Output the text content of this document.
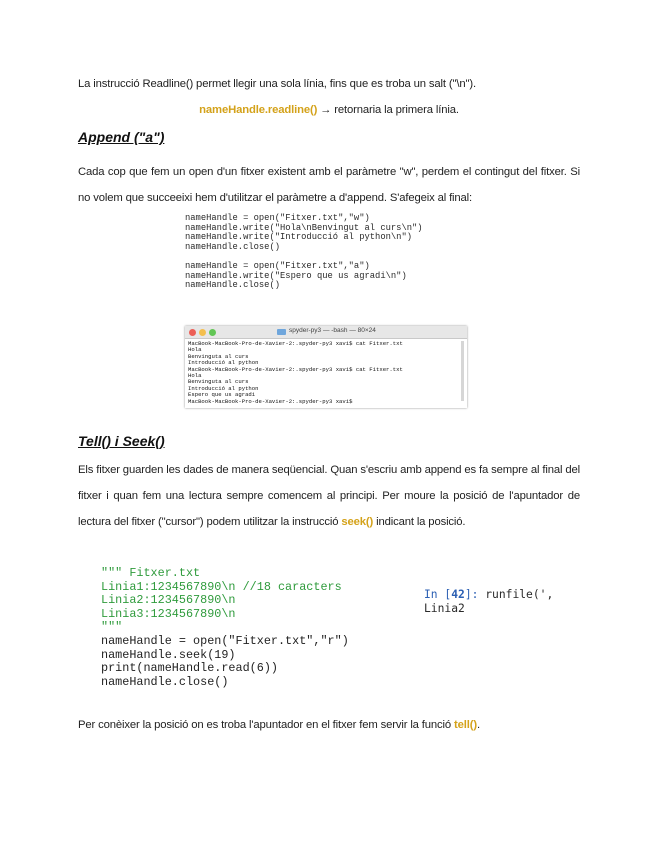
La instrucció Readline() permet llegir una sola línia, fins que es troba un salt ("\n").

nameHandle.readline() → retornaria la primera línia.

Append ("a")

Cada cop que fem un open d'un fitxer existent amb el paràmetre "w", perdem el contingut del fitxer. Si no volem que succeeixi hem d'utilitzar el paràmetre a d'append. S'afegeix al final:

nameHandle = open("Fitxer.txt","w")
nameHandle.write("Hola\nBenvingut al curs\n")
nameHandle.write("Introducció al python\n")
nameHandle.close()

nameHandle = open("Fitxer.txt","a")
nameHandle.write("Espero que us agradi\n")
nameHandle.close()
spyder-py3 — -bash — 80×24
MacBook-MacBook-Pro-de-Xavier-2:.spyder-py3 xavi$ cat Fitxer.txt
Hola
Benvinguta al curs
Introducció al python
MacBook-MacBook-Pro-de-Xavier-2:.spyder-py3 xavi$ cat Fitxer.txt
Hola
Benvinguta al curs
Introducció al python
Espero que us agradi
MacBook-MacBook-Pro-de-Xavier-2:.spyder-py3 xavi$
Tell() i Seek()

Els fitxer guarden les dades de manera seqüencial. Quan s'escriu amb append es fa sempre al final del fitxer i quan fem una lectura sempre comencem al principi. Per moure la posició de l'apuntador de lectura del fitxer ("cursor") podem utilitzar la instrucció seek() indicant la posició.

""" Fitxer.txt
Linia1:1234567890\n //18 caracters
Linia2:1234567890\n
Linia3:1234567890\n
"""
nameHandle = open("Fitxer.txt","r")
nameHandle.seek(19)
print(nameHandle.read(6))
nameHandle.close()
In [42]: runfile(',
Linia2

Per conèixer la posició on es troba l'apuntador en el fitxer fem servir la funció tell().
